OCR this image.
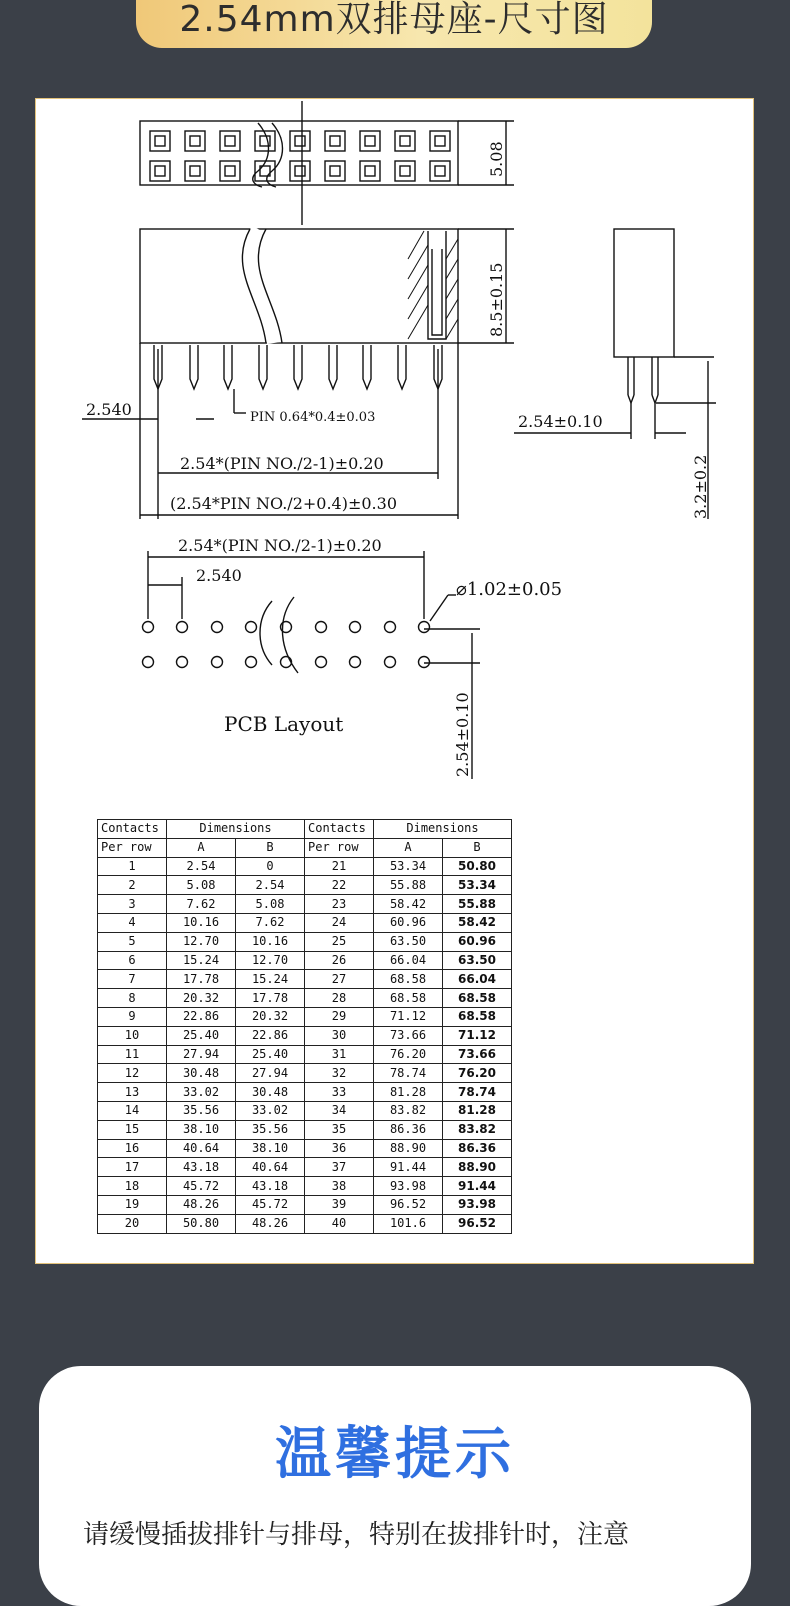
2.54mm双排母座-尺寸图
5.08
8.5±0.15
2.540	PIN 0.64*0.4±0.03
2.54*(PIN NO./2-1)±0.20
(2.54*PIN NO./2+0.4)±0.30
2.54±0.10
3.2±0.2
2.54*(PIN NO./2-1)±0.20
2.540
⌀1.02±0.05
2.54±0.10
PCB Layout
Contacts	Dimensions		Contacts	Dimensions	
Per row	A	B	Per row	A	B
1	2.54	0	21	53.34	50.80
2	5.08	2.54	22	55.88	53.34
3	7.62	5.08	23	58.42	55.88
4	10.16	7.62	24	60.96	58.42
5	12.70	10.16	25	63.50	60.96
6	15.24	12.70	26	66.04	63.50
7	17.78	15.24	27	68.58	66.04
8	20.32	17.78	28	68.58	68.58
9	22.86	20.32	29	71.12	68.58
10	25.40	22.86	30	73.66	71.12
11	27.94	25.40	31	76.20	73.66
12	30.48	27.94	32	78.74	76.20
13	33.02	30.48	33	81.28	78.74
14	35.56	33.02	34	83.82	81.28
15	38.10	35.56	35	86.36	83.82
16	40.64	38.10	36	88.90	86.36
17	43.18	40.64	37	91.44	88.90
18	45.72	43.18	38	93.98	91.44
19	48.26	45.72	39	96.52	93.98
20	50.80	48.26	40	101.6	96.52
温馨提示
请缓慢插拔排针与排母，特别在拔排针时，注意
